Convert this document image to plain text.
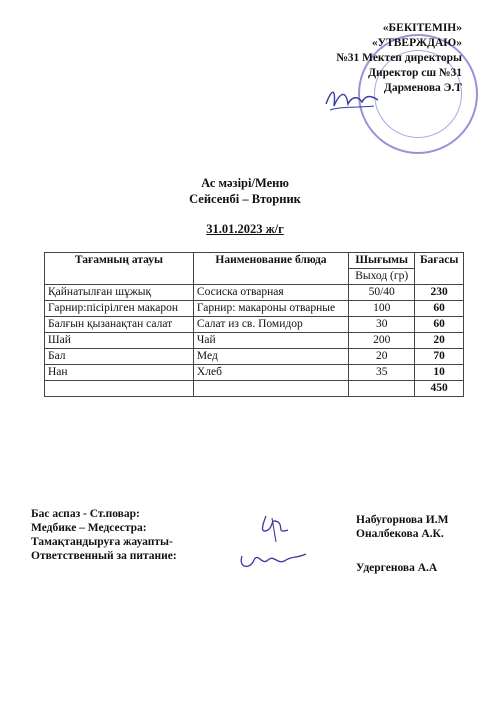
«БЕКІТЕМІН»
«УТВЕРЖДАЮ»
№31 Мектеп директоры
Директор сш №31
Дарменова Э.Т
Ас мәзірі/Меню
Сейсенбі – Вторник
31.01.2023 ж/г
Тағамның атауы	Наименование блюда	Шығымы	Бағасы
		Выход (гр)	
Қайнатылған шұжық	Сосиска отварная	50/40	230
Гарнир:пісірілген макарон	Гарнир: макароны отварные	100	60
Балғын қызанақтан салат	Салат из св. Помидор	30	60
Шай	Чай	200	20
Бал	Мед	20	70
Нан	Хлеб	35	10
			450
Бас аспаз - Ст.повар:
Медбике – Медсестра:
Тамақтандыруға жауапты-
Ответственный за питание:
Набугорнова И.М
Оналбекова А.К.
Удергенова А.А
